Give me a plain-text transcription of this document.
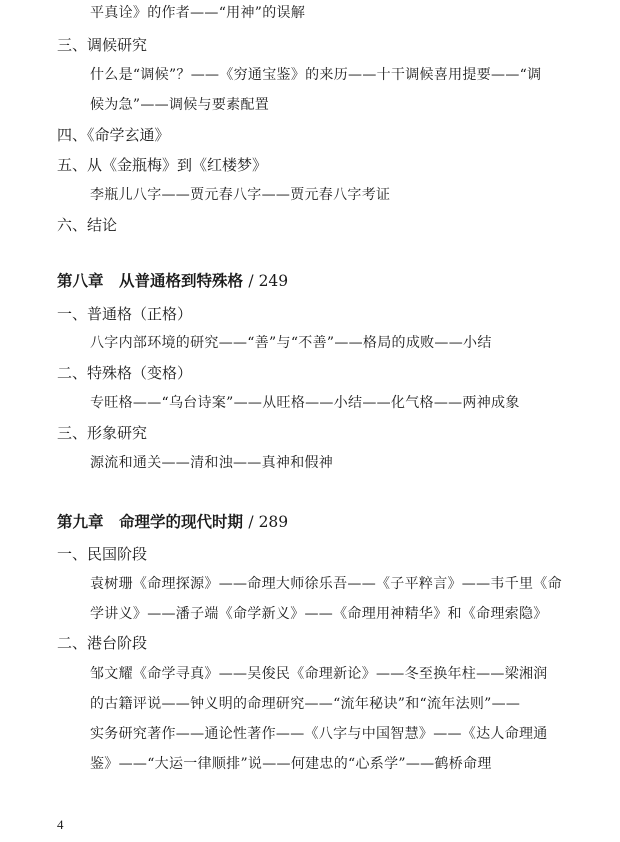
平真诠》的作者——“用神”的误解
三、调候研究
什么是“调候”？——《穷通宝鉴》的来历——十干调候喜用提要——“调
候为急”——调候与要素配置
四、《命学玄通》
五、从《金瓶梅》到《红楼梦》
李瓶儿八字——贾元春八字——贾元春八字考证
六、结论
第八章　从普通格到特殊格 / 249
一、普通格（正格）
八字内部环境的研究——“善”与“不善”——格局的成败——小结
二、特殊格（变格）
专旺格——“乌台诗案”——从旺格——小结——化气格——两神成象
三、形象研究
源流和通关——清和浊——真神和假神
第九章　命理学的现代时期 / 289
一、民国阶段
袁树珊《命理探源》——命理大师徐乐吾——《子平粹言》——韦千里《命
学讲义》——潘子端《命学新义》——《命理用神精华》和《命理索隐》
二、港台阶段
邹文耀《命学寻真》——吴俊民《命理新论》——冬至换年柱——梁湘润
的古籍评说——钟义明的命理研究——“流年秘诀”和“流年法则”——
实务研究著作——通论性著作——《八字与中国智慧》——《达人命理通
鉴》——“大运一律顺排”说——何建忠的“心系学”——鹤桥命理
4
